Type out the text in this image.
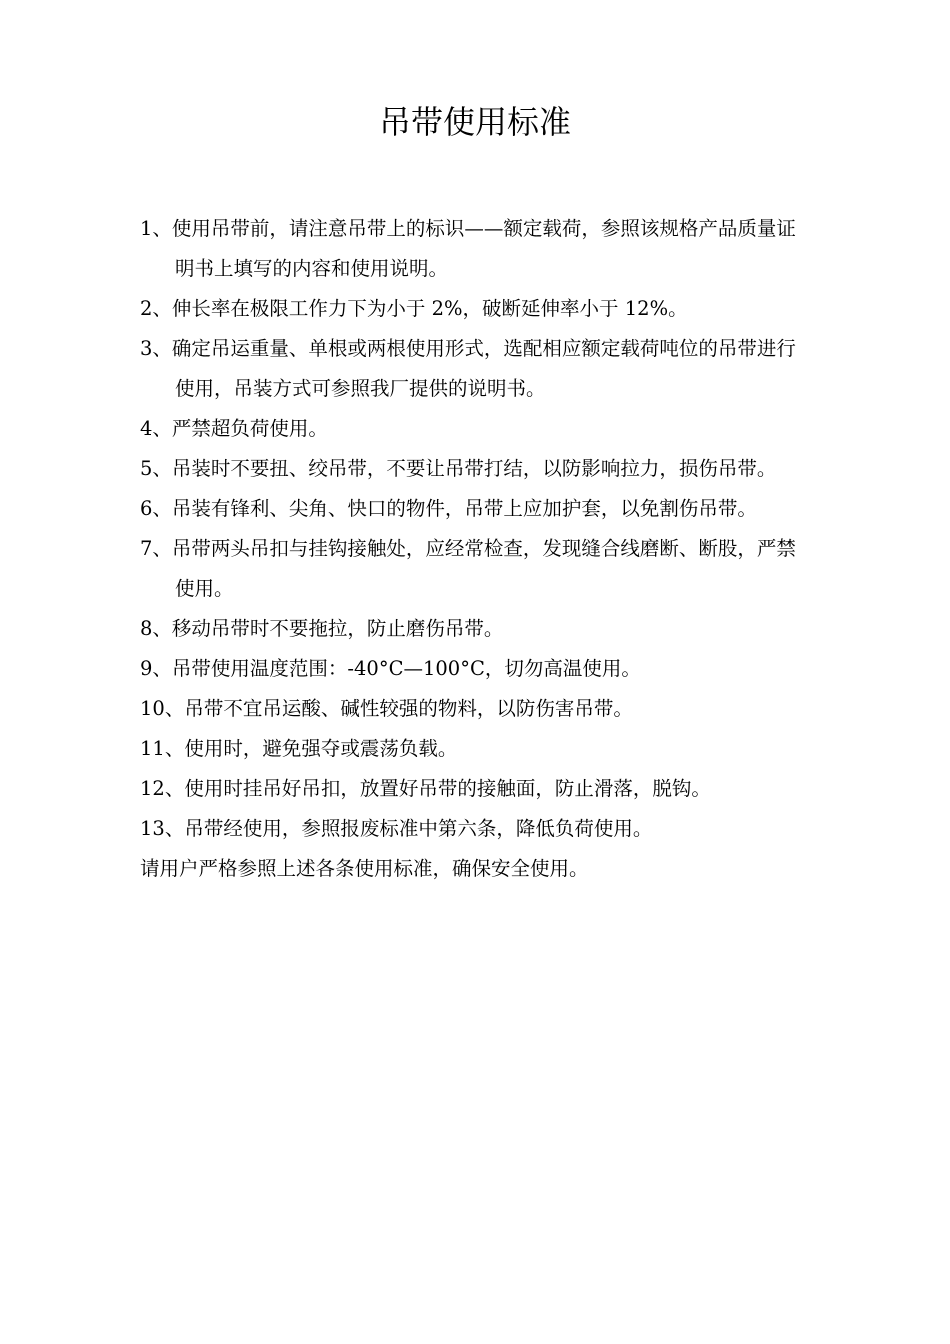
吊带使用标准

1、使用吊带前，请注意吊带上的标识——额定载荷，参照该规格产品质量证明书上填写的内容和使用说明。

2、伸长率在极限工作力下为小于 2%，破断延伸率小于 12%。

3、确定吊运重量、单根或两根使用形式，选配相应额定载荷吨位的吊带进行使用，吊装方式可参照我厂提供的说明书。

4、严禁超负荷使用。

5、吊装时不要扭、绞吊带，不要让吊带打结，以防影响拉力，损伤吊带。

6、吊装有锋利、尖角、快口的物件，吊带上应加护套，以免割伤吊带。

7、吊带两头吊扣与挂钩接触处，应经常检查，发现缝合线磨断、断股，严禁使用。

8、移动吊带时不要拖拉，防止磨伤吊带。

9、吊带使用温度范围：-40°C—100°C，切勿高温使用。

10、吊带不宜吊运酸、碱性较强的物料，以防伤害吊带。

11、使用时，避免强夺或震荡负载。

12、使用时挂吊好吊扣，放置好吊带的接触面，防止滑落，脱钩。

13、吊带经使用，参照报废标准中第六条，降低负荷使用。

请用户严格参照上述各条使用标准，确保安全使用。
